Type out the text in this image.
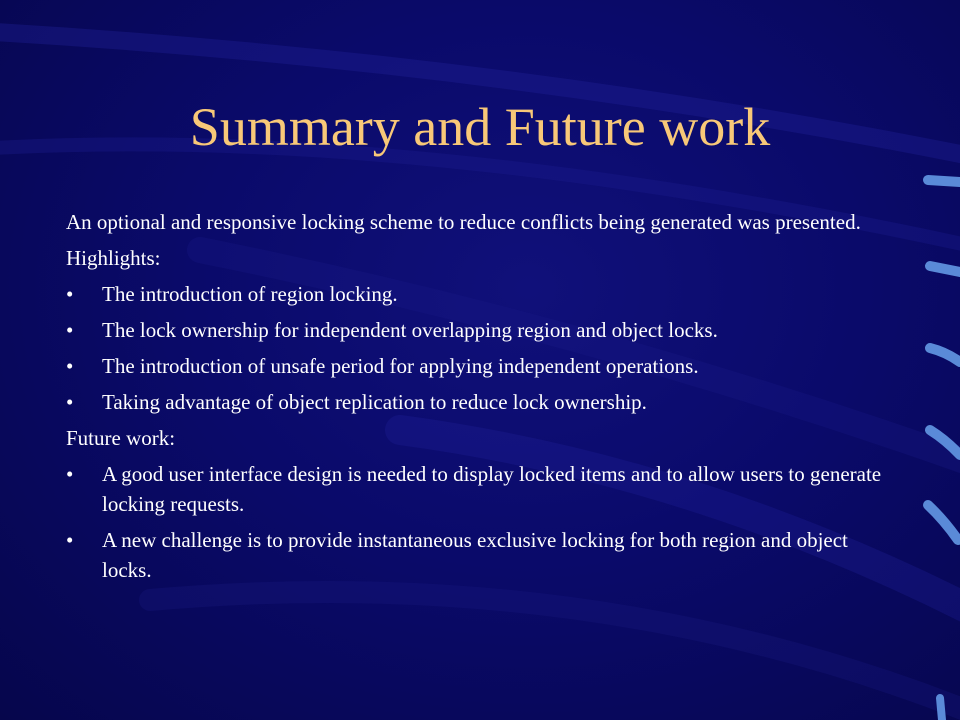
Summary and Future work

An optional and responsive locking scheme to reduce conflicts being generated was presented.

Highlights:

•	The introduction of region locking.
•	The lock ownership for independent overlapping region and object locks.
•	The introduction of unsafe period for applying independent operations.
•	Taking advantage of object replication to reduce lock ownership.

Future work:

•	A good user interface design is needed to display locked items and to allow users to generate locking requests.
•	A new challenge is to provide instantaneous exclusive locking for both region and object locks.
